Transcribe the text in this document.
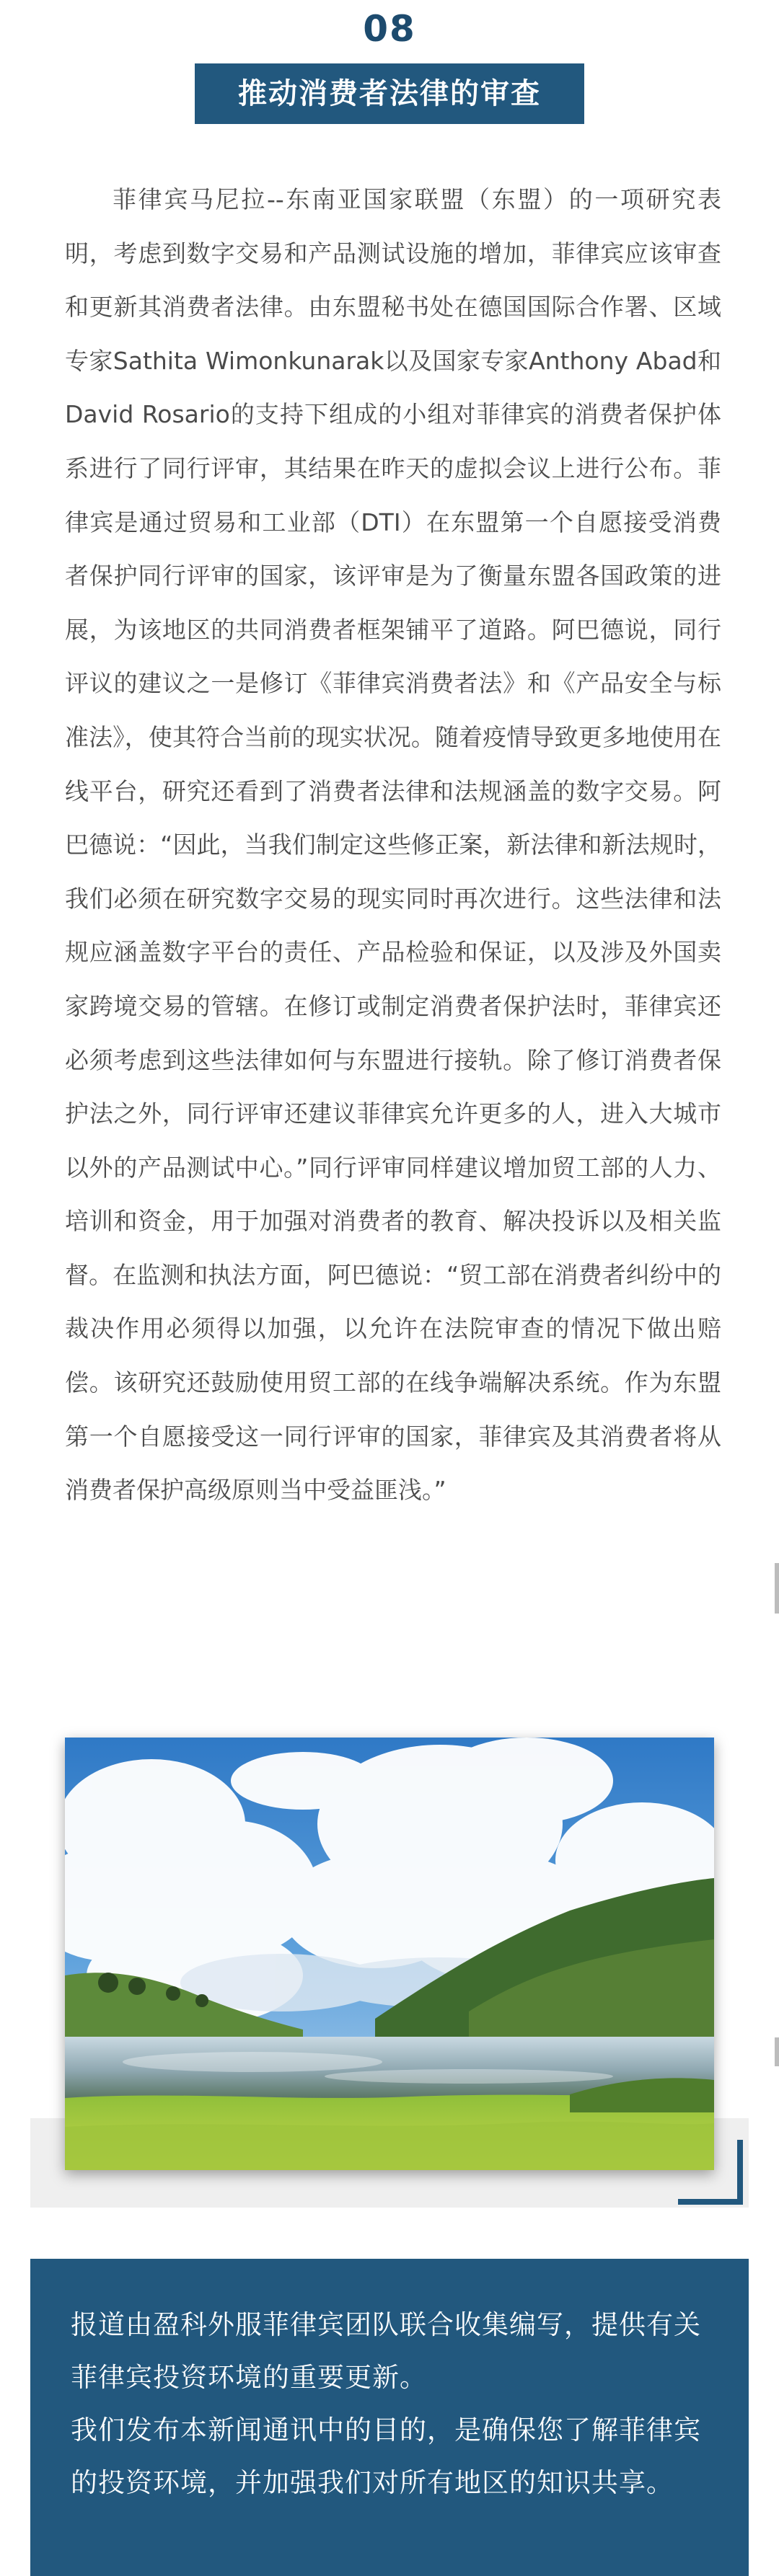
08
推动消费者法律的审查

菲律宾马尼拉--东南亚国家联盟（东盟）的一项研究表明，考虑到数字交易和产品测试设施的增加，菲律宾应该审查和更新其消费者法律。由东盟秘书处在德国国际合作署、区域专家Sathita Wimonkunarak以及国家专家Anthony Abad和David Rosario的支持下组成的小组对菲律宾的消费者保护体系进行了同行评审，其结果在昨天的虚拟会议上进行公布。菲律宾是通过贸易和工业部（DTI）在东盟第一个自愿接受消费者保护同行评审的国家，该评审是为了衡量东盟各国政策的进展，为该地区的共同消费者框架铺平了道路。阿巴德说，同行评议的建议之一是修订《菲律宾消费者法》和《产品安全与标准法》，使其符合当前的现实状况。随着疫情导致更多地使用在线平台，研究还看到了消费者法律和法规涵盖的数字交易。阿巴德说：“因此，当我们制定这些修正案，新法律和新法规时，我们必须在研究数字交易的现实同时再次进行。这些法律和法规应涵盖数字平台的责任、产品检验和保证，以及涉及外国卖家跨境交易的管辖。在修订或制定消费者保护法时，菲律宾还必须考虑到这些法律如何与东盟进行接轨。除了修订消费者保护法之外，同行评审还建议菲律宾允许更多的人，进入大城市以外的产品测试中心。”同行评审同样建议增加贸工部的人力、培训和资金，用于加强对消费者的教育、解决投诉以及相关监督。在监测和执法方面，阿巴德说：“贸工部在消费者纠纷中的裁决作用必须得以加强，以允许在法院审查的情况下做出赔偿。该研究还鼓励使用贸工部的在线争端解决系统。作为东盟第一个自愿接受这一同行评审的国家，菲律宾及其消费者将从消费者保护高级原则当中受益匪浅。”

报道由盈科外服菲律宾团队联合收集编写，提供有关菲律宾投资环境的重要更新。

我们发布本新闻通讯中的目的，是确保您了解菲律宾的投资环境，并加强我们对所有地区的知识共享。
